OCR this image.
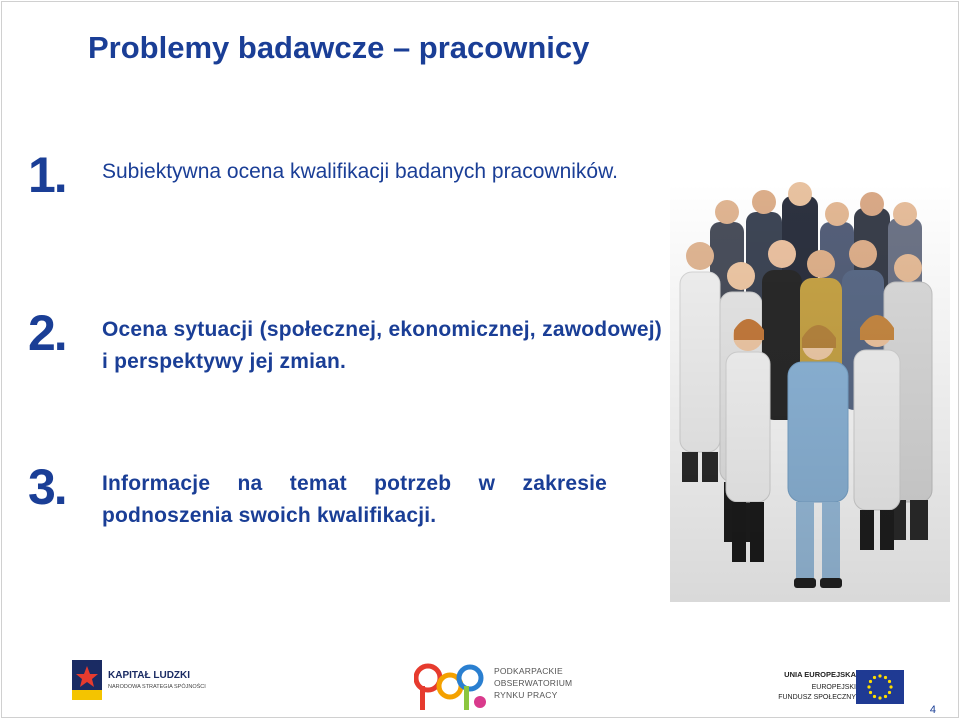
Problemy badawcze – pracownicy
1. Subiektywna ocena kwalifikacji badanych pracowników.
2. Ocena sytuacji (społecznej, ekonomicznej, zawodowej) i perspektywy jej zmian.
3. Informacje na temat potrzeb w zakresie podnoszenia swoich kwalifikacji.
KAPITAŁ LUDZKI
NARODOWA STRATEGIA SPÓJNOŚCI
PODKARPACKIE
OBSERWATORIUM
RYNKU PRACY
UNIA EUROPEJSKA
EUROPEJSKI
FUNDUSZ SPOŁECZNY
4
